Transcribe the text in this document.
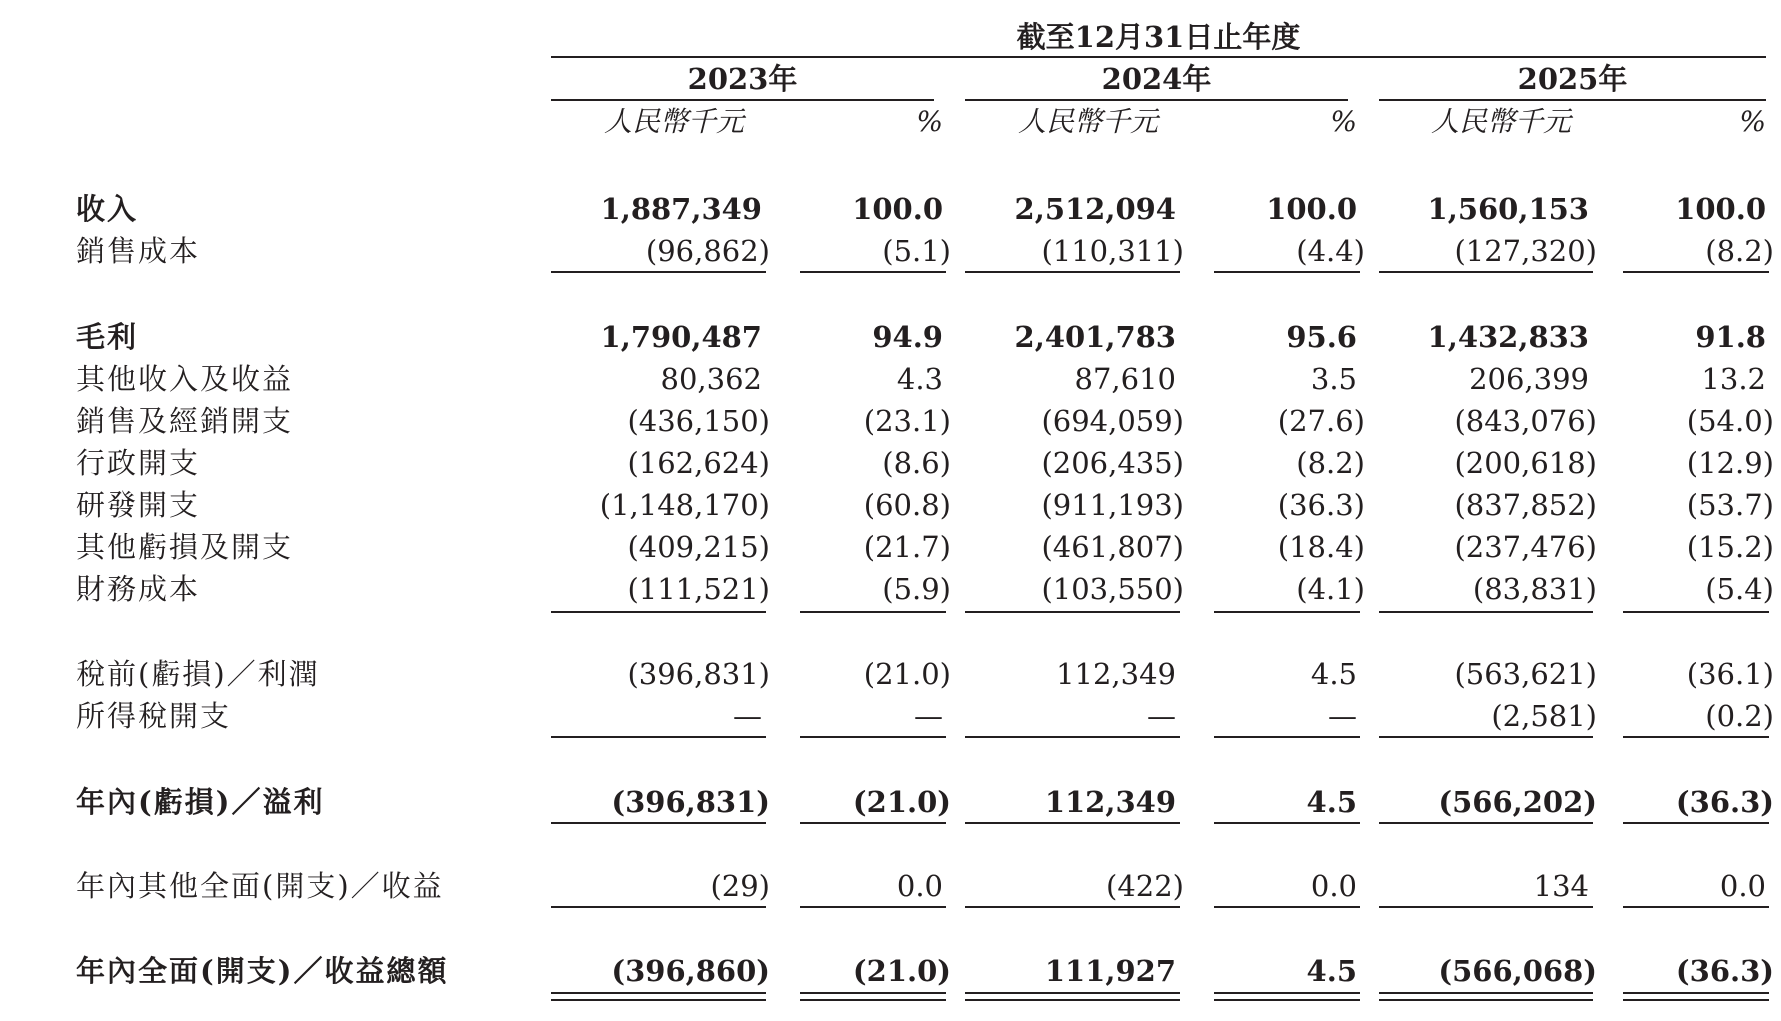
截至12月31日止年度
2023年
人民幣千元	%
2024年
人民幣千元	%
2025年
人民幣千元	%
收入	1,887,349	100.0	2,512,094	100.0	1,560,153	100.0
銷售成本	(96,862)	(5.1)	(110,311)	(4.4)	(127,320)	(8.2)
毛利	1,790,487	94.9	2,401,783	95.6	1,432,833	91.8
其他收入及收益	80,362	4.3	87,610	3.5	206,399	13.2
銷售及經銷開支	(436,150)	(23.1)	(694,059)	(27.6)	(843,076)	(54.0)
行政開支	(162,624)	(8.6)	(206,435)	(8.2)	(200,618)	(12.9)
研發開支	(1,148,170)	(60.8)	(911,193)	(36.3)	(837,852)	(53.7)
其他虧損及開支	(409,215)	(21.7)	(461,807)	(18.4)	(237,476)	(15.2)
財務成本	(111,521)	(5.9)	(103,550)	(4.1)	(83,831)	(5.4)
稅前(虧損)／利潤	(396,831)	(21.0)	112,349	4.5	(563,621)	(36.1)
所得稅開支	—	—	—	—	(2,581)	(0.2)
年內(虧損)／溢利	(396,831)	(21.0)	112,349	4.5	(566,202)	(36.3)
年內其他全面(開支)／收益	(29)	0.0	(422)	0.0	134	0.0
年內全面(開支)／收益總額	(396,860)	(21.0)	111,927	4.5	(566,068)	(36.3)
